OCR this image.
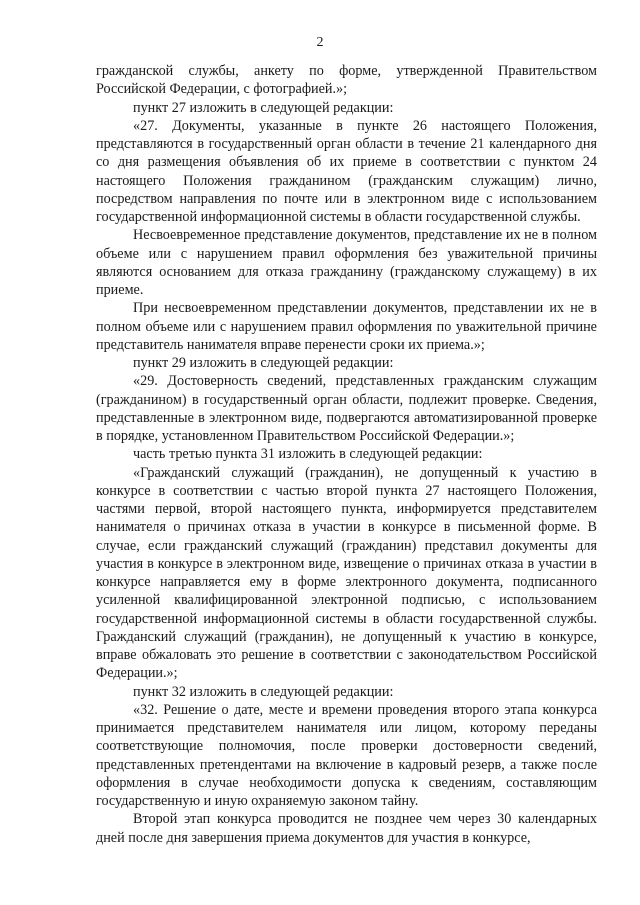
2

гражданской службы, анкету по форме, утвержденной Правительством Российской Федерации, с фотографией.»;

пункт 27 изложить в следующей редакции:

«27. Документы, указанные в пункте 26 настоящего Положения, представляются в государственный орган области в течение 21 календарного дня со дня размещения объявления об их приеме в соответствии с пунктом 24 настоящего Положения гражданином (гражданским служащим) лично, посредством направления по почте или в электронном виде с использованием государственной информационной системы в области государственной службы.

Несвоевременное представление документов, представление их не в полном объеме или с нарушением правил оформления без уважительной причины являются основанием для отказа гражданину (гражданскому служащему) в их приеме.

При несвоевременном представлении документов, представлении их не в полном объеме или с нарушением правил оформления по уважительной причине представитель нанимателя вправе перенести сроки их приема.»;

пункт 29 изложить в следующей редакции:

«29. Достоверность сведений, представленных гражданским служащим (гражданином) в государственный орган области, подлежит проверке. Сведения, представленные в электронном виде, подвергаются автоматизированной проверке в порядке, установленном Правительством Российской Федерации.»;

часть третью пункта 31 изложить в следующей редакции:

«Гражданский служащий (гражданин), не допущенный к участию в конкурсе в соответствии с частью второй пункта 27 настоящего Положения, частями первой, второй настоящего пункта, информируется представителем нанимателя о причинах отказа в участии в конкурсе в письменной форме. В случае, если гражданский служащий (гражданин) представил документы для участия в конкурсе в электронном виде, извещение о причинах отказа в участии в конкурсе направляется ему в форме электронного документа, подписанного усиленной квалифицированной электронной подписью, с использованием государственной информационной системы в области государственной службы. Гражданский служащий (гражданин), не допущенный к участию в конкурсе, вправе обжаловать это решение в соответствии с законодательством Российской Федерации.»;

пункт 32 изложить в следующей редакции:

«32. Решение о дате, месте и времени проведения второго этапа конкурса принимается представителем нанимателя или лицом, которому переданы соответствующие полномочия, после проверки достоверности сведений, представленных претендентами на включение в кадровый резерв, а также после оформления в случае необходимости допуска к сведениям, составляющим государственную и иную охраняемую законом тайну.

Второй этап конкурса проводится не позднее чем через 30 календарных дней после дня завершения приема документов для участия в конкурсе,
